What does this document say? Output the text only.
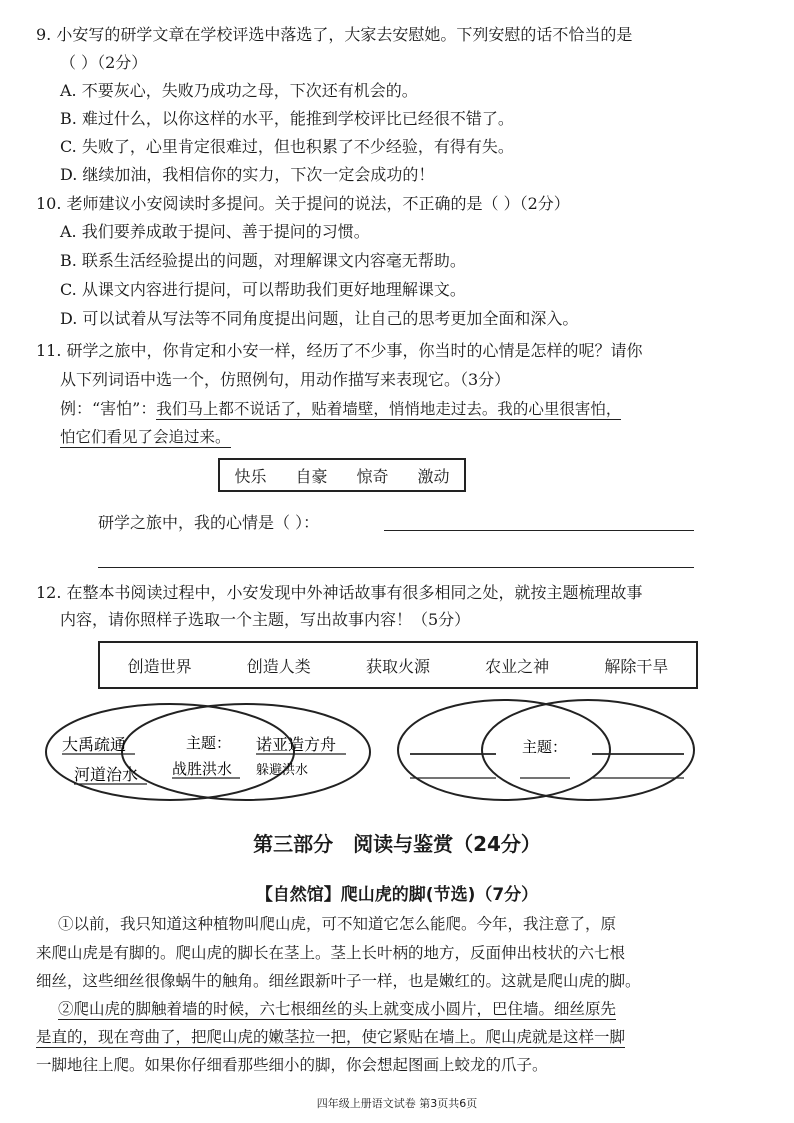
9. 小安写的研学文章在学校评选中落选了，大家去安慰她。下列安慰的话不恰当的是
（ ）（2分）
A. 不要灰心，失败乃成功之母，下次还有机会的。
B. 难过什么，以你这样的水平，能推到学校评比已经很不错了。
C. 失败了，心里肯定很难过，但也积累了不少经验，有得有失。
D. 继续加油，我相信你的实力，下次一定会成功的！
10. 老师建议小安阅读时多提问。关于提问的说法，不正确的是（ ）（2分）
A. 我们要养成敢于提问、善于提问的习惯。
B. 联系生活经验提出的问题，对理解课文内容毫无帮助。
C. 从课文内容进行提问，可以帮助我们更好地理解课文。
D. 可以试着从写法等不同角度提出问题，让自己的思考更加全面和深入。
11. 研学之旅中，你肯定和小安一样，经历了不少事，你当时的心情是怎样的呢？请你
从下列词语中选一个，仿照例句，用动作描写来表现它。（3分）
例：“害怕”：我们马上都不说话了，贴着墙壁，悄悄地走过去。我的心里很害怕，
怕它们看见了会追过来。
快乐 自豪 惊奇 激动
研学之旅中，我的心情是（ ）：
12. 在整本书阅读过程中，小安发现中外神话故事有很多相同之处，就按主题梳理故事
内容，请你照样子选取一个主题，写出故事内容！（5分）
创造世界	创造人类	获取火源	农业之神	解除干旱
大禹疏通
河道治水
主题：
战胜洪水
诺亚造方舟
躲避洪水
主题：
第三部分　阅读与鉴赏（24分）
【自然馆】爬山虎的脚(节选)（7分）
①以前，我只知道这种植物叫爬山虎，可不知道它怎么能爬。今年，我注意了，原
来爬山虎是有脚的。爬山虎的脚长在茎上。茎上长叶柄的地方，反面伸出枝状的六七根
细丝，这些细丝很像蜗牛的触角。细丝跟新叶子一样，也是嫩红的。这就是爬山虎的脚。
②爬山虎的脚触着墙的时候，六七根细丝的头上就变成小圆片，巴住墙。细丝原先
是直的，现在弯曲了，把爬山虎的嫩茎拉一把，使它紧贴在墙上。爬山虎就是这样一脚
一脚地往上爬。如果你仔细看那些细小的脚，你会想起图画上蛟龙的爪子。
四年级上册语文试卷 第3页共6页
